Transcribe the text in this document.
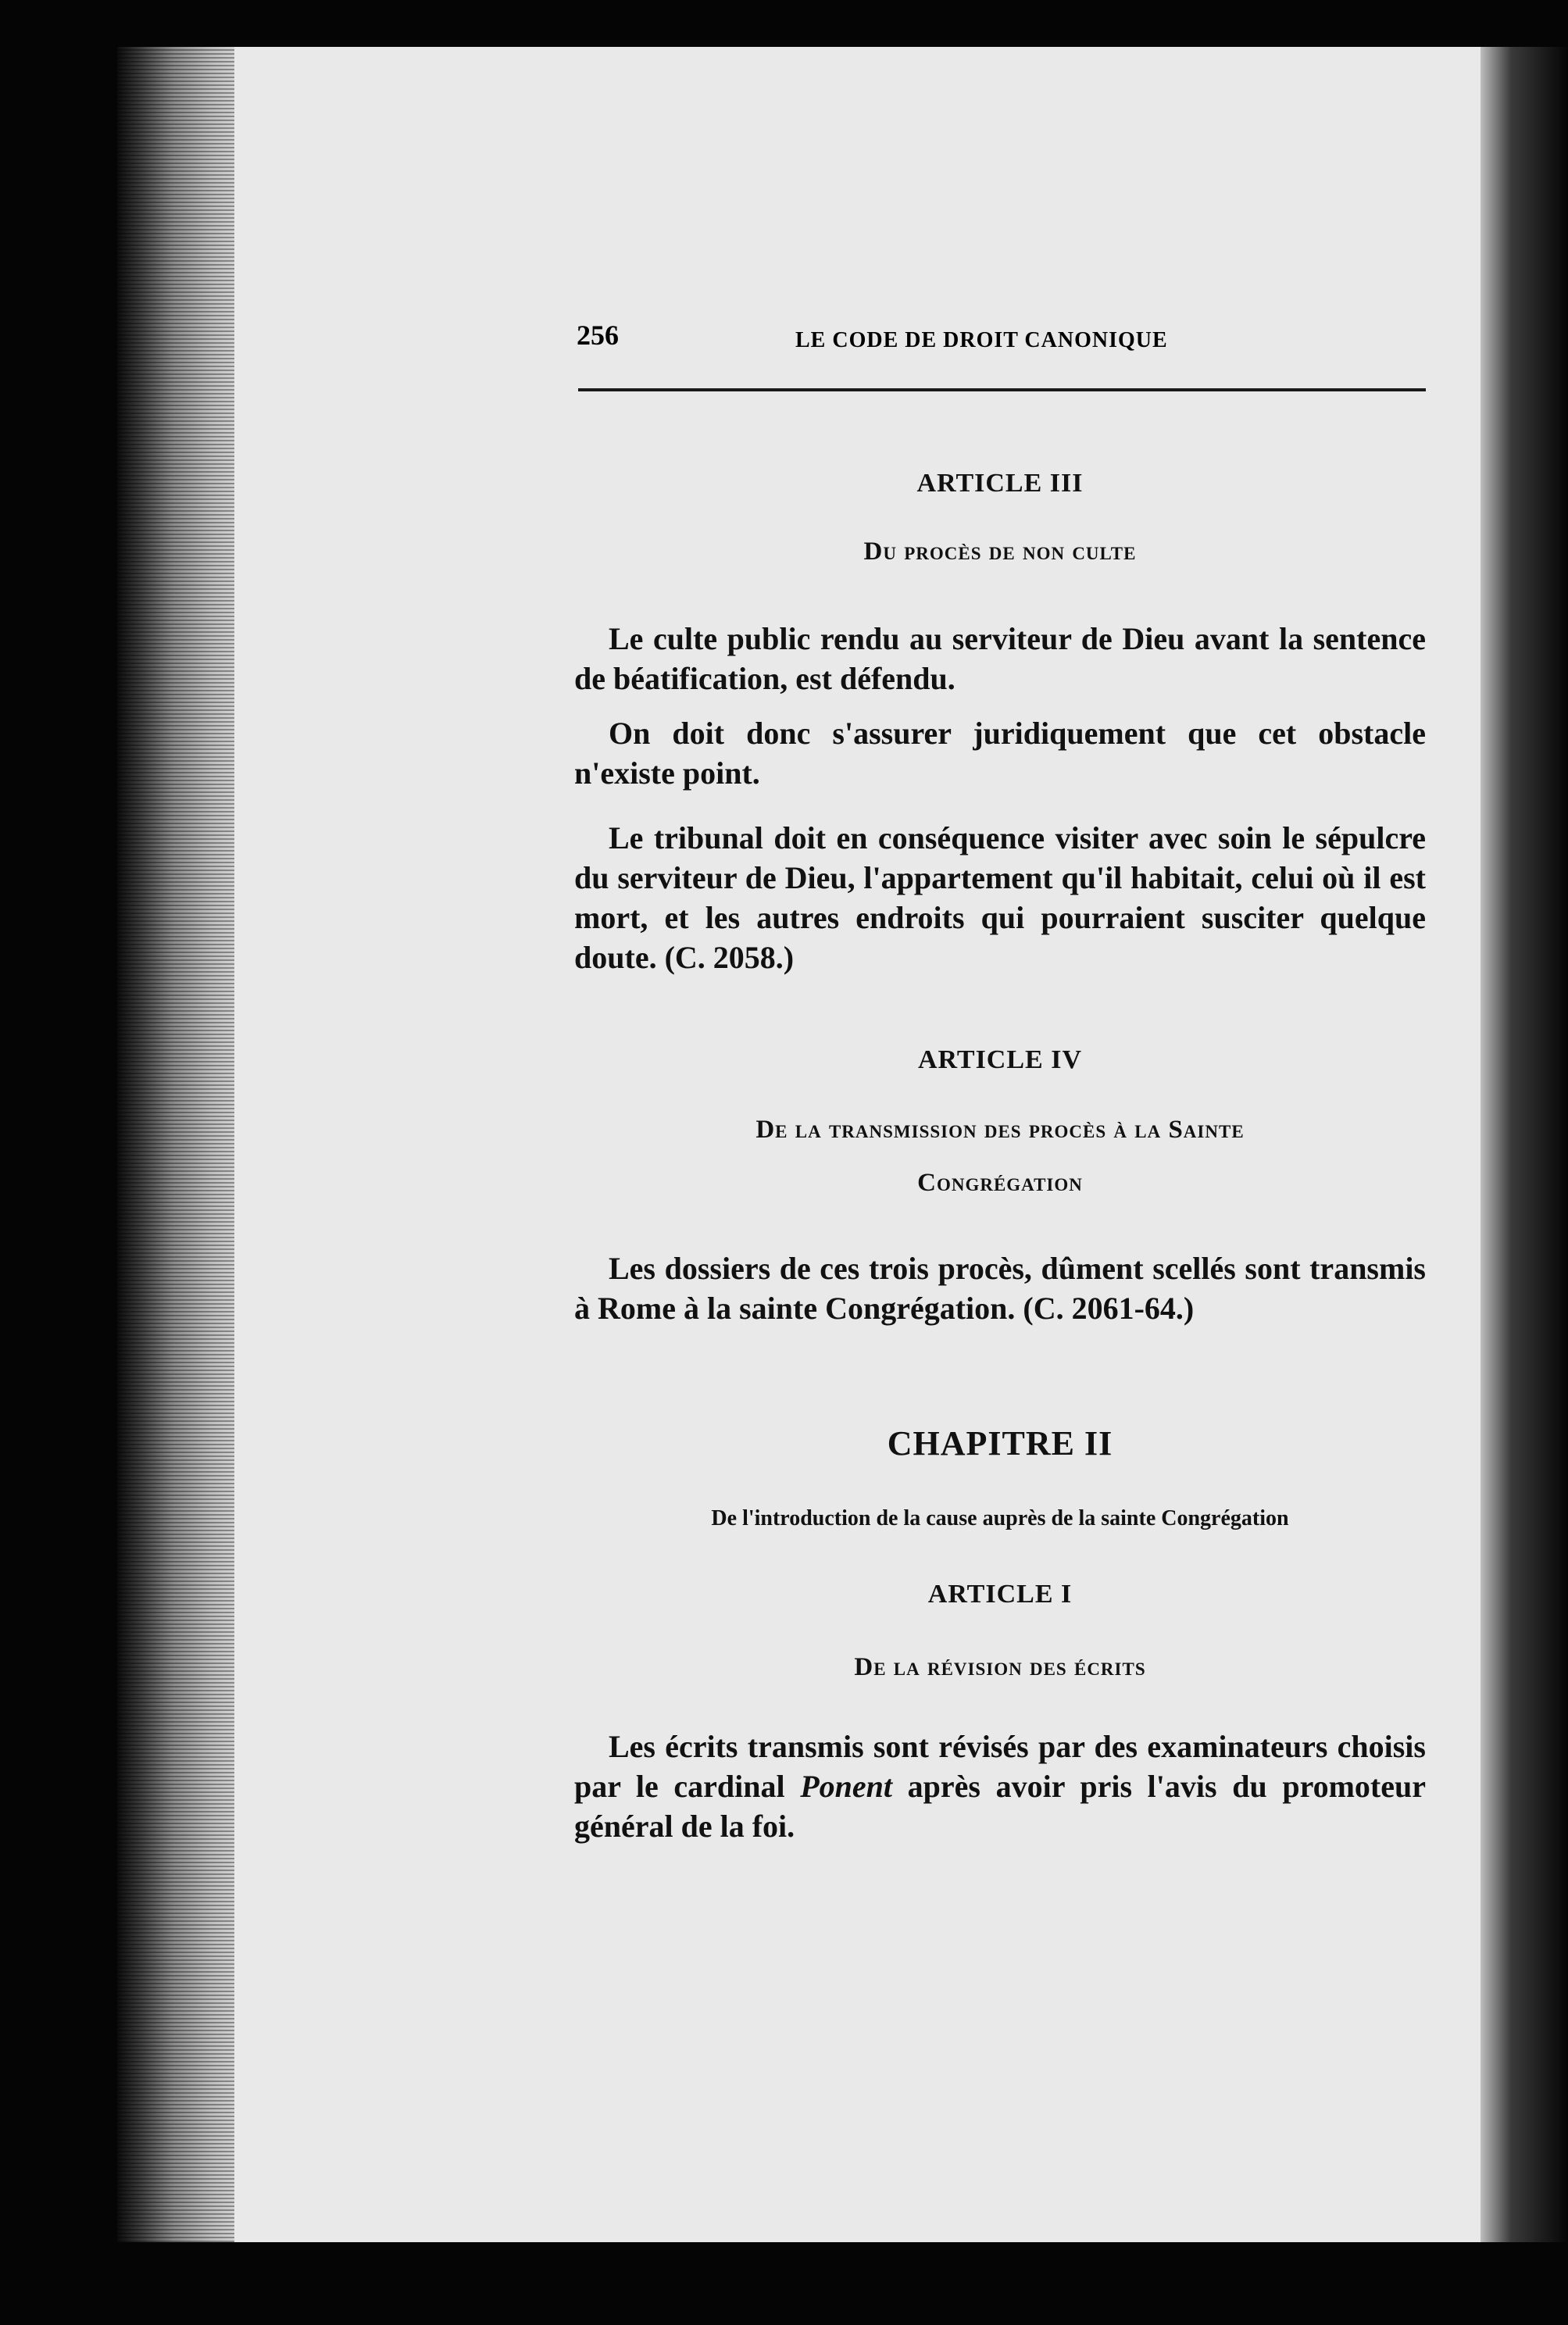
256	LE CODE DE DROIT CANONIQUE
ARTICLE III
Du procès de non culte

Le culte public rendu au serviteur de Dieu avant la sentence de béatification, est défendu.

On doit donc s'assurer juridiquement que cet obstacle n'existe point.

Le tribunal doit en conséquence visiter avec soin le sépulcre du serviteur de Dieu, l'appartement qu'il habitait, celui où il est mort, et les autres endroits qui pourraient susciter quelque doute. (C. 2058.)

ARTICLE IV
De la transmission des procès à la Sainte
Congrégation

Les dossiers de ces trois procès, dûment scellés sont transmis à Rome à la sainte Congrégation. (C. 2061-64.)

CHAPITRE II
De l'introduction de la cause auprès de la sainte Congrégation
ARTICLE I
De la révision des écrits

Les écrits transmis sont révisés par des examinateurs choisis par le cardinal Ponent après avoir pris l'avis du promoteur général de la foi.
